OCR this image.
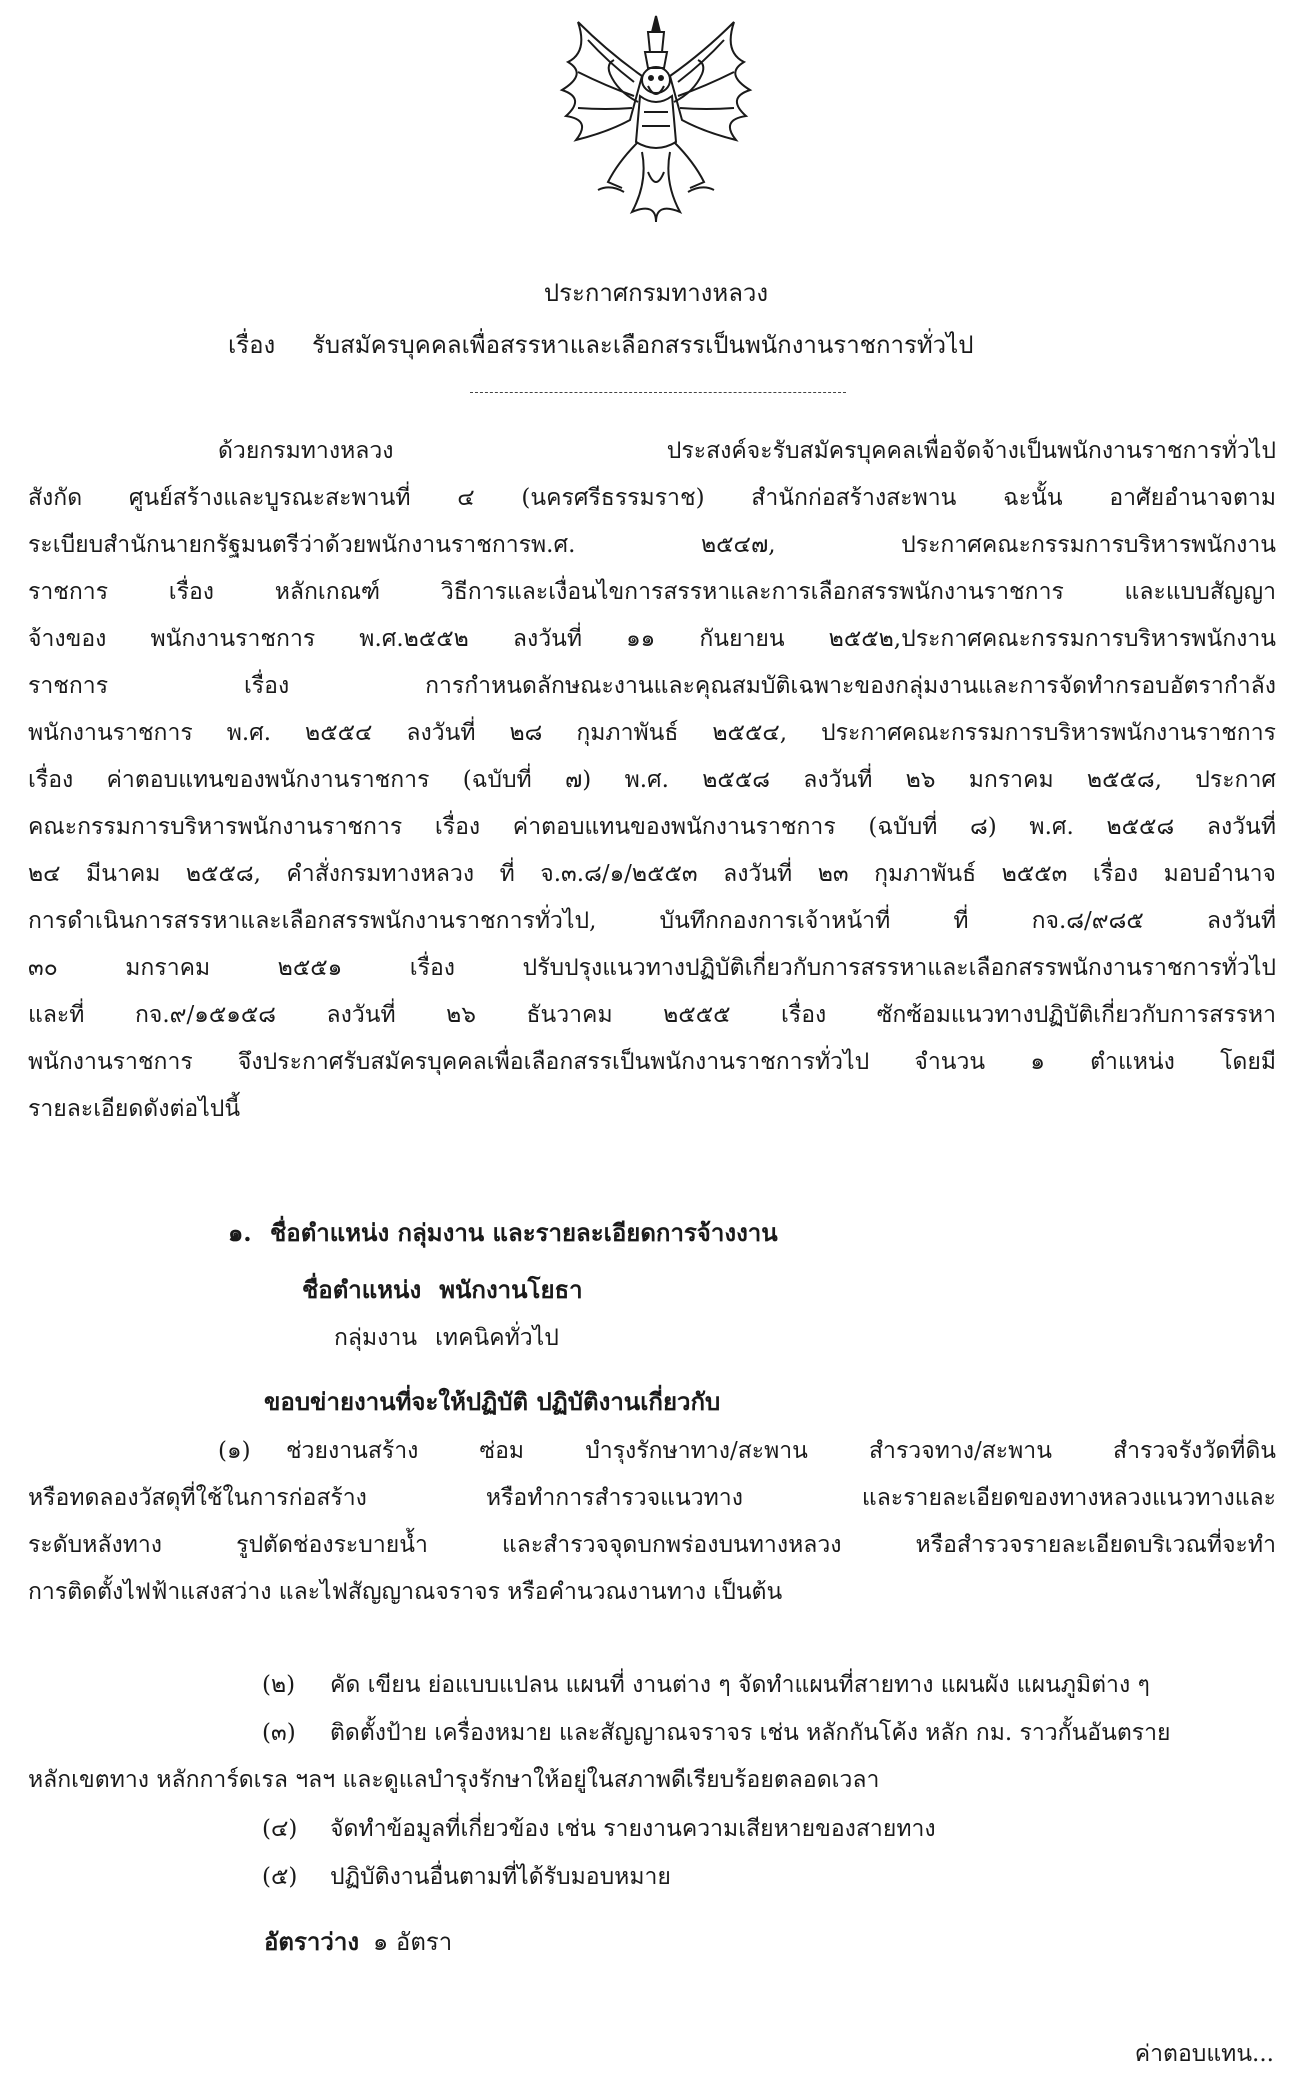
ประกาศกรมทางหลวง
เรื่อง รับสมัครบุคคลเพื่อสรรหาและเลือกสรรเป็นพนักงานราชการทั่วไป
ด้วยกรมทางหลวง ประสงค์จะรับสมัครบุคคลเพื่อจัดจ้างเป็นพนักงานราชการทั่วไป
สังกัด ศูนย์สร้างและบูรณะสะพานที่ ๔ (นครศรีธรรมราช) สำนักก่อสร้างสะพาน ฉะนั้น อาศัยอำนาจตาม
ระเบียบสำนักนายกรัฐมนตรีว่าด้วยพนักงานราชการพ.ศ. ๒๕๔๗, ประกาศคณะกรรมการบริหารพนักงาน
ราชการ เรื่อง หลักเกณฑ์ วิธีการและเงื่อนไขการสรรหาและการเลือกสรรพนักงานราชการ และแบบสัญญา
จ้างของ พนักงานราชการ พ.ศ.๒๕๕๒ ลงวันที่ ๑๑ กันยายน ๒๕๕๒,ประกาศคณะกรรมการบริหารพนักงาน
ราชการ เรื่อง การกำหนดลักษณะงานและคุณสมบัติเฉพาะของกลุ่มงานและการจัดทำกรอบอัตรากำลัง
พนักงานราชการ พ.ศ. ๒๕๕๔ ลงวันที่ ๒๘ กุมภาพันธ์ ๒๕๕๔, ประกาศคณะกรรมการบริหารพนักงานราชการ
เรื่อง ค่าตอบแทนของพนักงานราชการ (ฉบับที่ ๗) พ.ศ. ๒๕๕๘ ลงวันที่ ๒๖ มกราคม ๒๕๕๘, ประกาศ
คณะกรรมการบริหารพนักงานราชการ เรื่อง ค่าตอบแทนของพนักงานราชการ (ฉบับที่ ๘) พ.ศ. ๒๕๕๘ ลงวันที่
๒๔ มีนาคม ๒๕๕๘, คำสั่งกรมทางหลวง ที่ จ.๓.๘/๑/๒๕๕๓ ลงวันที่ ๒๓ กุมภาพันธ์ ๒๕๕๓ เรื่อง มอบอำนาจ
การดำเนินการสรรหาและเลือกสรรพนักงานราชการทั่วไป, บันทึกกองการเจ้าหน้าที่ ที่ กจ.๘/๙๘๕ ลงวันที่
๓๐ มกราคม ๒๕๕๑ เรื่อง ปรับปรุงแนวทางปฏิบัติเกี่ยวกับการสรรหาและเลือกสรรพนักงานราชการทั่วไป
และที่ กจ.๙/๑๕๑๕๘ ลงวันที่ ๒๖ ธันวาคม ๒๕๕๕ เรื่อง ซักซ้อมแนวทางปฏิบัติเกี่ยวกับการสรรหา
พนักงานราชการ จึงประกาศรับสมัครบุคคลเพื่อเลือกสรรเป็นพนักงานราชการทั่วไป จำนวน ๑ ตำแหน่ง โดยมี
รายละเอียดดังต่อไปนี้
๑. ชื่อตำแหน่ง กลุ่มงาน และรายละเอียดการจ้างงาน
ชื่อตำแหน่ง พนักงานโยธา
กลุ่มงาน เทคนิคทั่วไป
ขอบข่ายงานที่จะให้ปฏิบัติ ปฏิบัติงานเกี่ยวกับ
(๑) ช่วยงานสร้าง ซ่อม บำรุงรักษาทาง/สะพาน สำรวจทาง/สะพาน สำรวจรังวัดที่ดิน
หรือทดลองวัสดุที่ใช้ในการก่อสร้าง หรือทำการสำรวจแนวทาง และรายละเอียดของทางหลวงแนวทางและ
ระดับหลังทาง รูปตัดช่องระบายน้ำ และสำรวจจุดบกพร่องบนทางหลวง หรือสำรวจรายละเอียดบริเวณที่จะทำ
การติดตั้งไฟฟ้าแสงสว่าง และไฟสัญญาณจราจร หรือคำนวณงานทาง เป็นต้น
(๒) คัด เขียน ย่อแบบแปลน แผนที่ งานต่าง ๆ จัดทำแผนที่สายทาง แผนผัง แผนภูมิต่าง ๆ
(๓) ติดตั้งป้าย เครื่องหมาย และสัญญาณจราจร เช่น หลักกันโค้ง หลัก กม. ราวกั้นอันตราย
หลักเขตทาง หลักการ์ดเรล ฯลฯ และดูแลบำรุงรักษาให้อยู่ในสภาพดีเรียบร้อยตลอดเวลา
(๔) จัดทำข้อมูลที่เกี่ยวข้อง เช่น รายงานความเสียหายของสายทาง
(๕) ปฏิบัติงานอื่นตามที่ได้รับมอบหมาย
อัตราว่าง ๑ อัตรา
ค่าตอบแทน...
